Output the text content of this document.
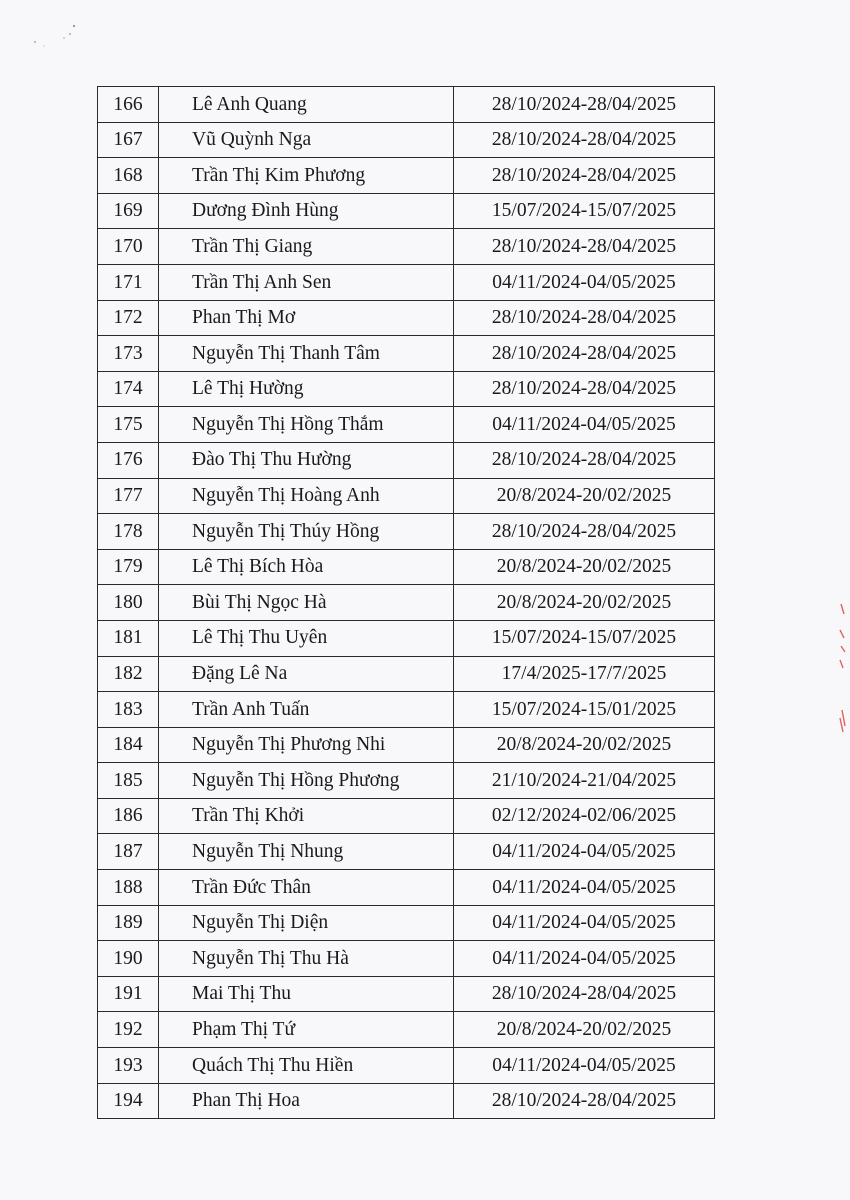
166	Lê Anh Quang	28/10/2024-28/04/2025
167	Vũ Quỳnh Nga	28/10/2024-28/04/2025
168	Trần Thị Kim Phương	28/10/2024-28/04/2025
169	Dương Đình Hùng	15/07/2024-15/07/2025
170	Trần Thị Giang	28/10/2024-28/04/2025
171	Trần Thị Anh Sen	04/11/2024-04/05/2025
172	Phan Thị Mơ	28/10/2024-28/04/2025
173	Nguyễn Thị Thanh Tâm	28/10/2024-28/04/2025
174	Lê Thị Hường	28/10/2024-28/04/2025
175	Nguyễn Thị Hồng Thắm	04/11/2024-04/05/2025
176	Đào Thị Thu Hường	28/10/2024-28/04/2025
177	Nguyễn Thị Hoàng Anh	20/8/2024-20/02/2025
178	Nguyễn Thị Thúy Hồng	28/10/2024-28/04/2025
179	Lê Thị Bích Hòa	20/8/2024-20/02/2025
180	Bùi Thị Ngọc Hà	20/8/2024-20/02/2025
181	Lê Thị Thu Uyên	15/07/2024-15/07/2025
182	Đặng Lê Na	17/4/2025-17/7/2025
183	Trần Anh Tuấn	15/07/2024-15/01/2025
184	Nguyễn Thị Phương Nhi	20/8/2024-20/02/2025
185	Nguyễn Thị Hồng Phương	21/10/2024-21/04/2025
186	Trần Thị Khởi	02/12/2024-02/06/2025
187	Nguyễn Thị Nhung	04/11/2024-04/05/2025
188	Trần Đức Thân	04/11/2024-04/05/2025
189	Nguyễn Thị Diện	04/11/2024-04/05/2025
190	Nguyễn Thị Thu Hà	04/11/2024-04/05/2025
191	Mai Thị Thu	28/10/2024-28/04/2025
192	Phạm Thị Tứ	20/8/2024-20/02/2025
193	Quách Thị Thu Hiền	04/11/2024-04/05/2025
194	Phan Thị Hoa	28/10/2024-28/04/2025
